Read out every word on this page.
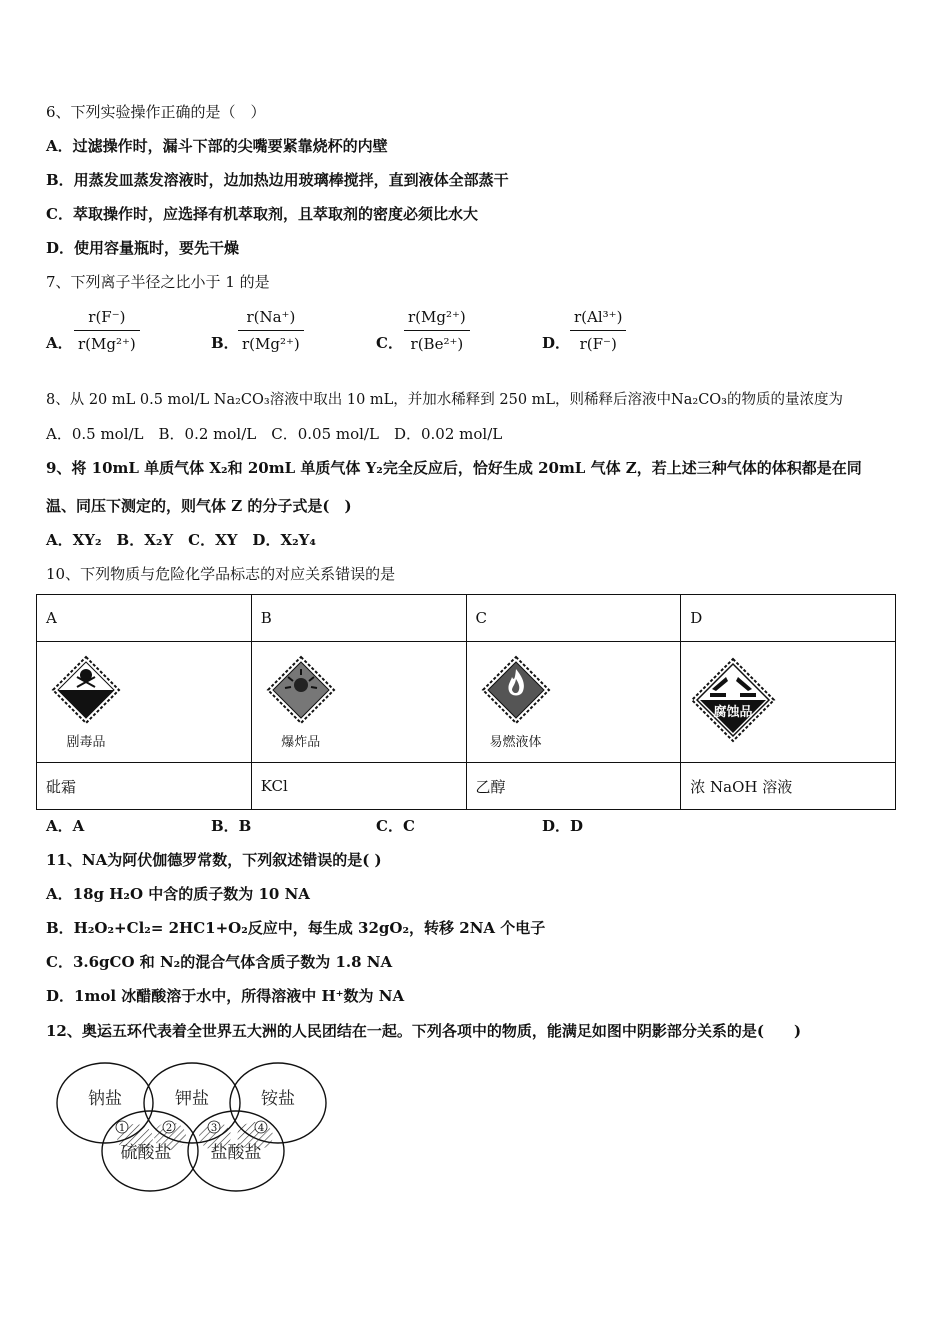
6、下列实验操作正确的是（　）
A．过滤操作时，漏斗下部的尖嘴要紧靠烧杯的内壁
B．用蒸发皿蒸发溶液时，边加热边用玻璃棒搅拌，直到液体全部蒸干
C．萃取操作时，应选择有机萃取剂，且萃取剂的密度必须比水大
D．使用容量瓶时，要先干燥
7、下列离子半径之比小于 1 的是
A． $\frac{r(F^-)}{\text{r(Mg²⁺)}}$	B． $\frac{r(Na^+)}{\text{r(Mg²⁺)}}$	C． $\frac{\text{r(Mg²⁺)}}{\text{r(Be²⁺)}}$	D． $\frac{\text{r(Al³⁺)}}{r(F^-)}$
8、从 20 mL 0.5 mol/L Na₂CO₃溶液中取出 10 mL，并加水稀释到 250 mL，则稀释后溶液中Na₂CO₃的物质的量浓度为
A．0.5 mol/L　B．0.2 mol/L　C．0.05 mol/L　D．0.02 mol/L
9、将 10mL 单质气体 X₂和 20mL 单质气体 Y₂完全反应后，恰好生成 20mL 气体 Z，若上述三种气体的体积都是在同
温、同压下测定的，则气体 Z 的分子式是(　)
A．XY₂　B．X₂Y　C．XY　D．X₂Y₄
10、下列物质与危险化学品标志的对应关系错误的是
A	B	C	D

剧毒品	爆炸品	易燃液体	腐蚀品

砒霜	KCl	乙醇	浓 NaOH 溶液
A．A	B．B	C．C	D．D
11、NA为阿伏伽德罗常数，下列叙述错误的是( )
A．18g H₂O 中含的质子数为 10 NA
B．H₂O₂+Cl₂= 2HC1+O₂反应中，每生成 32gO₂，转移 2NA 个电子
C．3.6gCO 和 N₂的混合气体含质子数为 1.8 NA
D．1mol 冰醋酸溶于水中，所得溶液中 H⁺数为 NA
12、奥运五环代表着全世界五大洲的人民团结在一起。下列各项中的物质，能满足如图中阴影部分关系的是(　　)
钠盐	钾盐	铵盐
硫酸盐 盐酸盐
1	2	3	4
